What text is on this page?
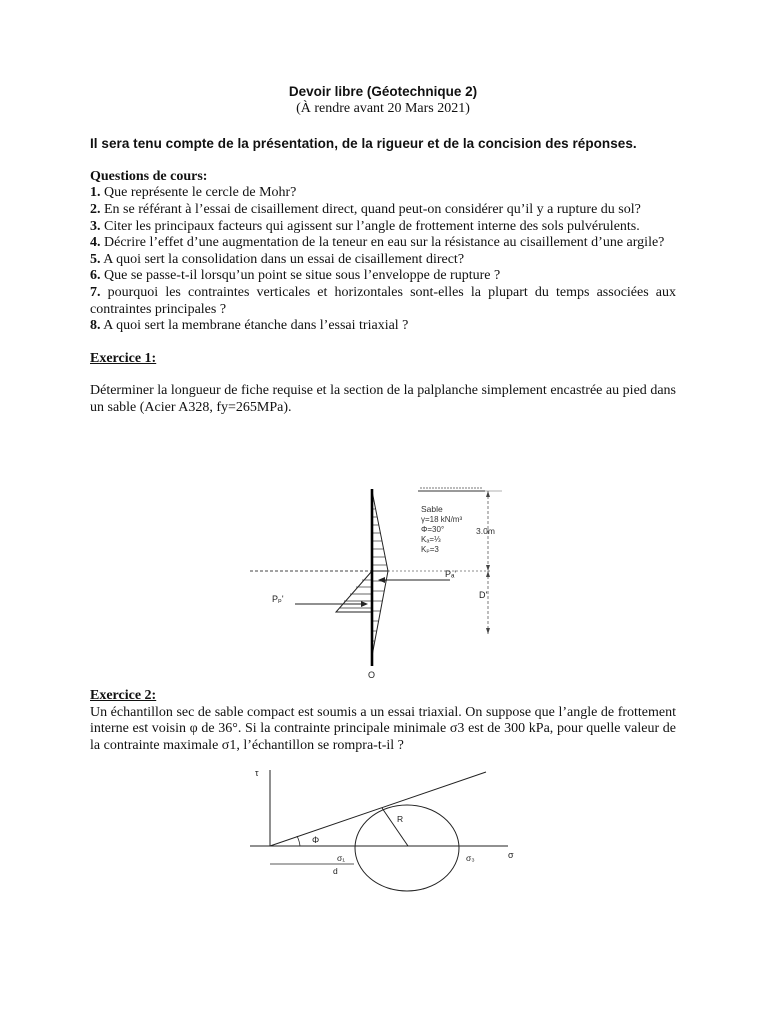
Devoir libre (Géotechnique 2)

(À rendre avant 20 Mars 2021)

Il sera tenu compte de la présentation, de la rigueur et de la concision des réponses.

Questions de cours:

1. Que représente le cercle de Mohr?
2. En se référant à l’essai de cisaillement direct, quand peut-on considérer qu’il y a rupture du sol?
3. Citer les principaux facteurs qui agissent sur l’angle de frottement interne des sols pulvérulents.
4. Décrire l’effet d’une augmentation de la teneur en eau sur la résistance au cisaillement d’une argile?
5. A quoi sert la consolidation dans un essai de cisaillement direct?
6. Que se passe-t-il lorsqu’un point se situe sous l’enveloppe de rupture ?
7. pourquoi les contraintes verticales et horizontales sont-elles la plupart du temps associées aux contraintes principales ?
8. A quoi sert la membrane étanche dans l’essai triaxial ?

Exercice 1:

Déterminer la longueur de fiche requise et la section de la palplanche simplement encastrée au pied dans un sable (Acier A328, fy=265MPa).

Sable
γ=18 kN/m³
Φ=30°
Kₐ=⅓
Kₚ=3
3.0m
Pₐ'
Pₚ'	D'
O

Exercice 2:

Un échantillon sec de sable compact est soumis a un essai triaxial. On suppose que l’angle de frottement interne est voisin φ de 36°. Si la contrainte principale minimale σ3 est de 300 kPa, pour quelle valeur de la contrainte maximale σ1, l’échantillon se rompra-t-il ?

τ
σ
Φ
R
σ₁	σ₃
d
